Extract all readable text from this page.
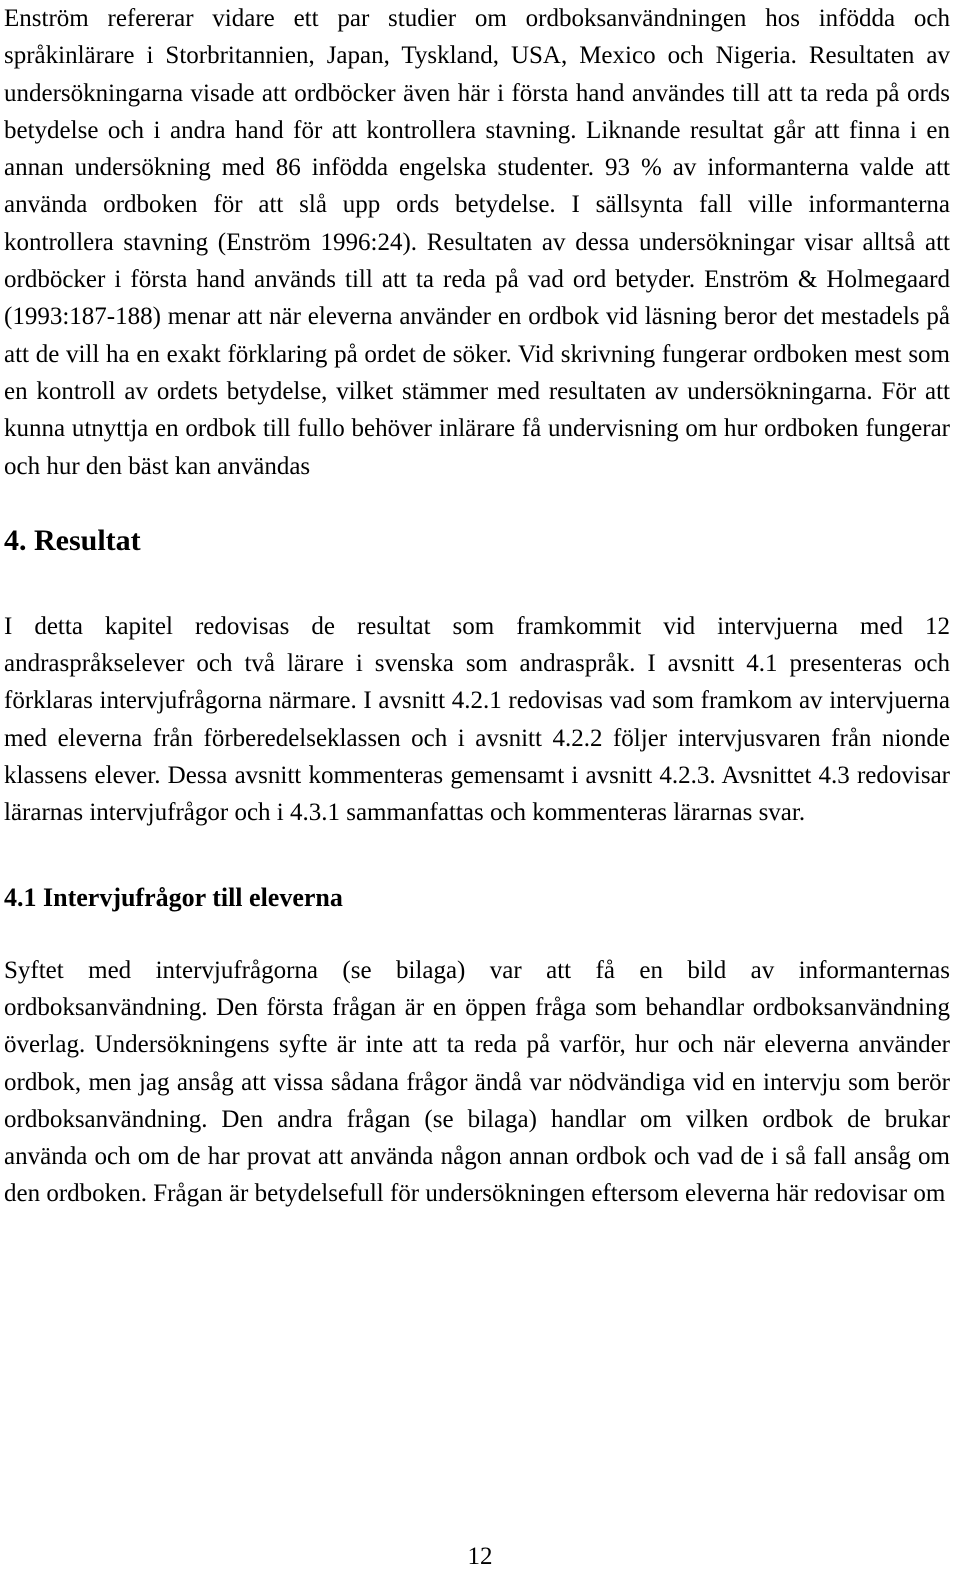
Enström refererar vidare ett par studier om ordboksanvändningen hos infödda och språkinlärare i Storbritannien, Japan, Tyskland, USA, Mexico och Nigeria. Resultaten av undersökningarna visade att ordböcker även här i första hand användes till att ta reda på ords betydelse och i andra hand för att kontrollera stavning. Liknande resultat går att finna i en annan undersökning med 86 infödda engelska studenter. 93 % av informanterna valde att använda ordboken för att slå upp ords betydelse. I sällsynta fall ville informanterna kontrollera stavning (Enström 1996:24). Resultaten av dessa undersökningar visar alltså att ordböcker i första hand används till att ta reda på vad ord betyder. Enström & Holmegaard (1993:187-188) menar att när eleverna använder en ordbok vid läsning beror det mestadels på att de vill ha en exakt förklaring på ordet de söker. Vid skrivning fungerar ordboken mest som en kontroll av ordets betydelse, vilket stämmer med resultaten av undersökningarna. För att kunna utnyttja en ordbok till fullo behöver inlärare få undervisning om hur ordboken fungerar och hur den bäst kan användas

4. Resultat

I detta kapitel redovisas de resultat som framkommit vid intervjuerna med 12 andraspråkselever och två lärare i svenska som andraspråk. I avsnitt 4.1 presenteras och förklaras intervjufrågorna närmare. I avsnitt 4.2.1 redovisas vad som framkom av intervjuerna med eleverna från förberedelseklassen och i avsnitt 4.2.2 följer intervjusvaren från nionde klassens elever. Dessa avsnitt kommenteras gemensamt i avsnitt 4.2.3. Avsnittet 4.3 redovisar lärarnas intervjufrågor och i 4.3.1 sammanfattas och kommenteras lärarnas svar.

4.1 Intervjufrågor till eleverna

Syftet med intervjufrågorna (se bilaga) var att få en bild av informanternas ordboksanvändning. Den första frågan är en öppen fråga som behandlar ordboksanvändning överlag. Undersökningens syfte är inte att ta reda på varför, hur och när eleverna använder ordbok, men jag ansåg att vissa sådana frågor ändå var nödvändiga vid en intervju som berör ordboksanvändning. Den andra frågan (se bilaga) handlar om vilken ordbok de brukar använda och om de har provat att använda någon annan ordbok och vad de i så fall ansåg om den ordboken. Frågan är betydelsefull för undersökningen eftersom eleverna här redovisar om

12
